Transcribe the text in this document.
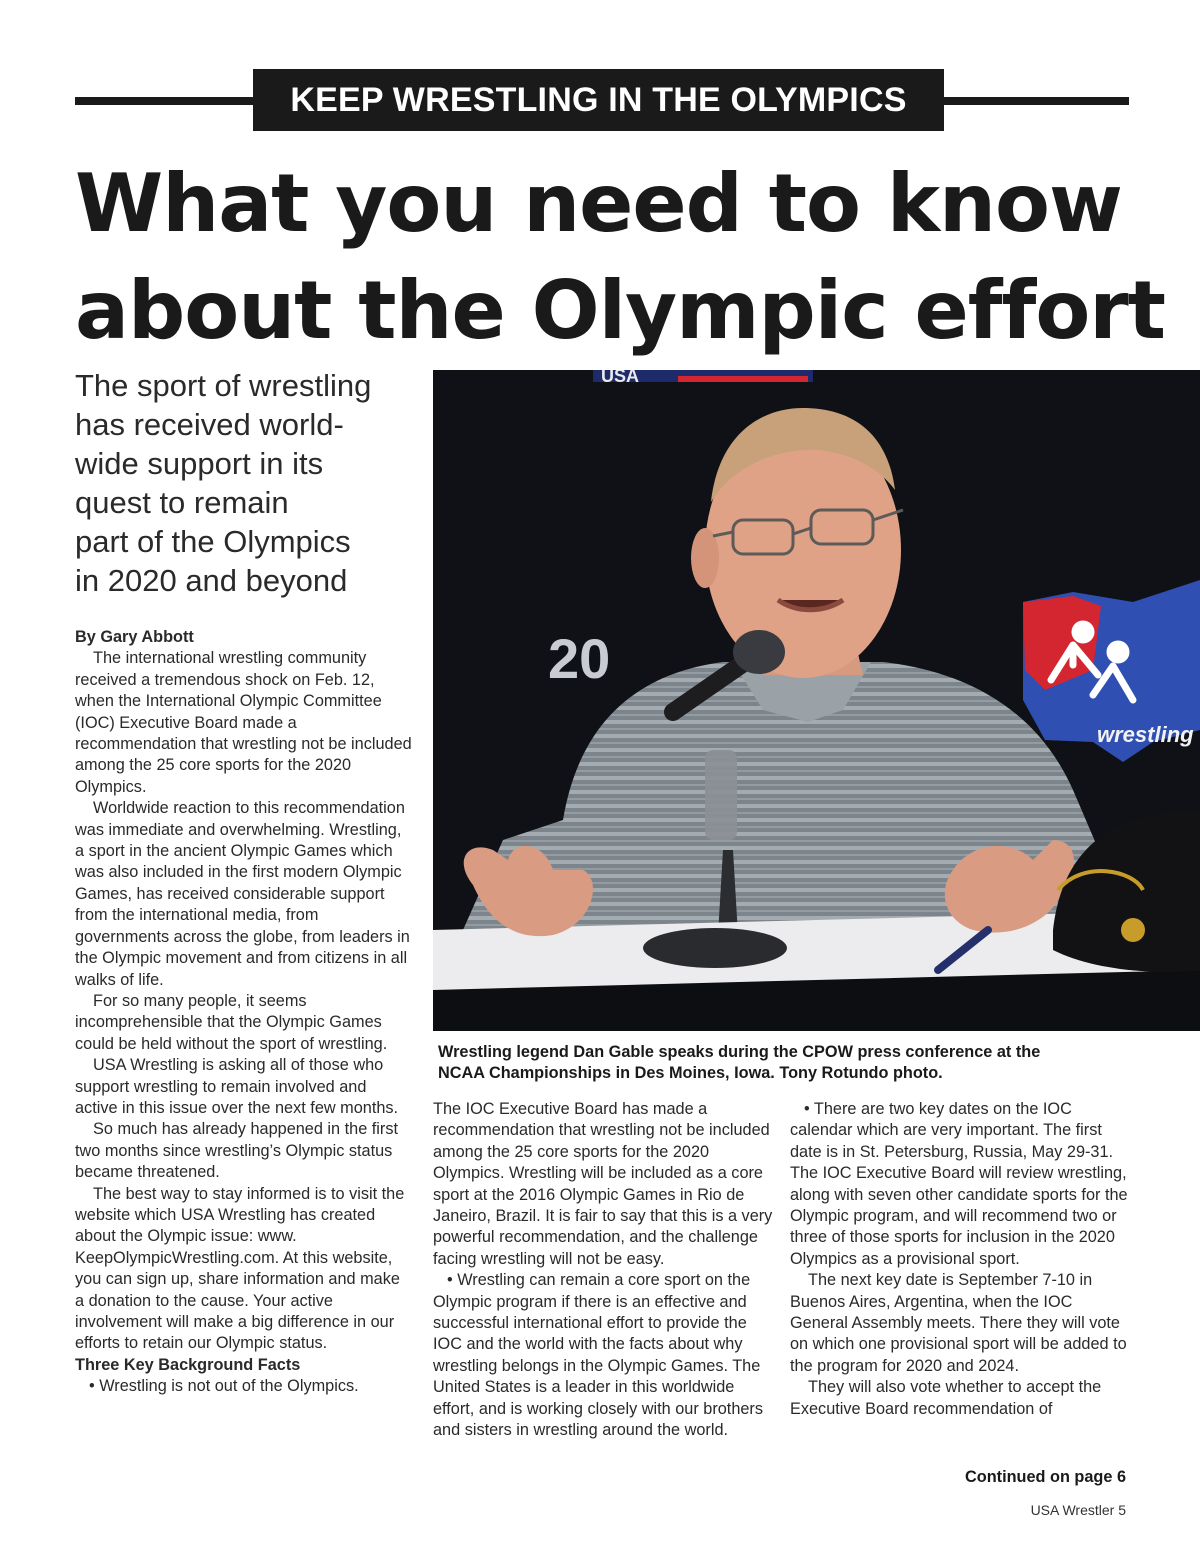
KEEP WRESTLING IN THE OLYMPICS
What you need to know
about the Olympic effort
The sport of wrestling
has received world-
wide support in its
quest to remain
part of the Olympics
in 2020 and beyond

By Gary Abbott

The international wrestling community received a tremendous shock on Feb. 12, when the International Olympic Committee (IOC) Executive Board made a recommendation that wrestling not be included among the 25 core sports for the 2020 Olympics.

Worldwide reaction to this recommendation was immediate and overwhelming. Wrestling, a sport in the ancient Olympic Games which was also included in the first modern Olympic Games, has received considerable support from the international media, from governments across the globe, from leaders in the Olympic movement and from citizens in all walks of life.

For so many people, it seems incomprehensible that the Olympic Games could be held without the sport of wrestling.

USA Wrestling is asking all of those who support wrestling to remain involved and active in this issue over the next few months.

So much has already happened in the first two months since wrestling’s Olympic status became threatened.

The best way to stay informed is to visit the website which USA Wrestling has created about the Olympic issue: www. KeepOlympicWrestling.com. At this website, you can sign up, share information and make a donation to the cause. Your active involvement will make a big difference in our efforts to retain our Olympic status.

Three Key Background Facts

• Wrestling is not out of the Olympics.

USA
20
wrestling
Wrestling legend Dan Gable speaks during the CPOW press conference at the
NCAA Championships in Des Moines, Iowa. Tony Rotundo photo.

The IOC Executive Board has made a recommendation that wrestling not be included among the 25 core sports for the 2020 Olympics. Wrestling will be included as a core sport at the 2016 Olympic Games in Rio de Janeiro, Brazil. It is fair to say that this is a very powerful recommendation, and the challenge facing wrestling will not be easy.

• Wrestling can remain a core sport on the Olympic program if there is an effective and successful international effort to provide the IOC and the world with the facts about why wrestling belongs in the Olympic Games. The United States is a leader in this worldwide effort, and is working closely with our brothers and sisters in wrestling around the world.

• There are two key dates on the IOC calendar which are very important. The first date is in St. Petersburg, Russia, May 29-31. The IOC Executive Board will review wrestling, along with seven other candidate sports for the Olympic program, and will recommend two or three of those sports for inclusion in the 2020 Olympics as a provisional sport.

The next key date is September 7-10 in Buenos Aires, Argentina, when the IOC General Assembly meets. There they will vote on which one provisional sport will be added to the program for 2020 and 2024.

They will also vote whether to accept the Executive Board recommendation of

Continued on page 6
USA Wrestler 5
